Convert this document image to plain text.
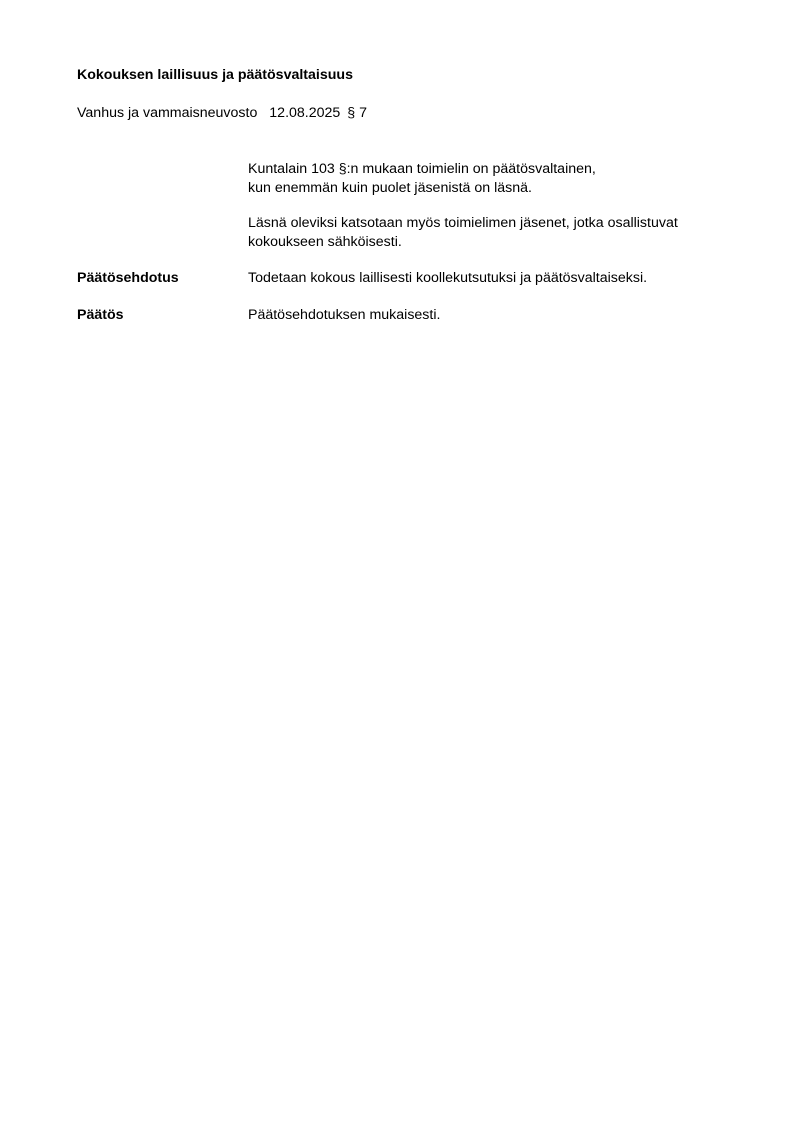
Kokouksen laillisuus ja päätösvaltaisuus
Vanhus ja vammaisneuvosto 12.08.2025 § 7
Kuntalain 103 §:n mukaan toimielin on päätösvaltainen,
kun enemmän kuin puolet jäsenistä on läsnä.
Läsnä oleviksi katsotaan myös toimielimen jäsenet, jotka osallistuvat
kokoukseen sähköisesti.
Päätösehdotus	Todetaan kokous laillisesti koollekutsutuksi ja päätösvaltaiseksi.
Päätös	Päätösehdotuksen mukaisesti.
